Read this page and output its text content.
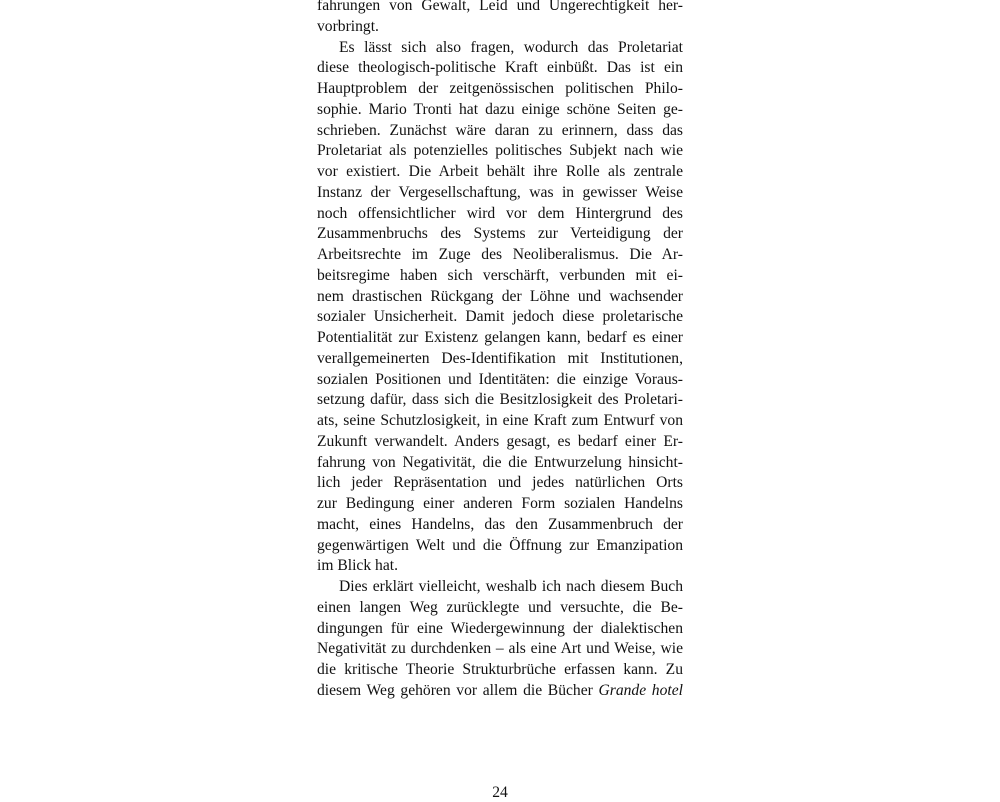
fahrungen von Gewalt, Leid und Ungerechtigkeit her-
vorbringt.
Es lässt sich also fragen, wodurch das Proletariat
diese theologisch-politische Kraft einbüßt. Das ist ein
Hauptproblem der zeitgenössischen politischen Philo-
sophie. Mario Tronti hat dazu einige schöne Seiten ge-
schrieben. Zunächst wäre daran zu erinnern, dass das
Proletariat als potenzielles politisches Subjekt nach wie
vor existiert. Die Arbeit behält ihre Rolle als zentrale
Instanz der Vergesellschaftung, was in gewisser Weise
noch offensichtlicher wird vor dem Hintergrund des
Zusammenbruchs des Systems zur Verteidigung der
Arbeitsrechte im Zuge des Neoliberalismus. Die Ar-
beitsregime haben sich verschärft, verbunden mit ei-
nem drastischen Rückgang der Löhne und wachsender
sozialer Unsicherheit. Damit jedoch diese proletarische
Potentialität zur Existenz gelangen kann, bedarf es einer
verallgemeinerten Des-Identifikation mit Institutionen,
sozialen Positionen und Identitäten: die einzige Voraus-
setzung dafür, dass sich die Besitzlosigkeit des Proletari-
ats, seine Schutzlosigkeit, in eine Kraft zum Entwurf von
Zukunft verwandelt. Anders gesagt, es bedarf einer Er-
fahrung von Negativität, die die Entwurzelung hinsicht-
lich jeder Repräsentation und jedes natürlichen Orts
zur Bedingung einer anderen Form sozialen Handelns
macht, eines Handelns, das den Zusammenbruch der
gegenwärtigen Welt und die Öffnung zur Emanzipation
im Blick hat.
Dies erklärt vielleicht, weshalb ich nach diesem Buch
einen langen Weg zurücklegte und versuchte, die Be-
dingungen für eine Wiedergewinnung der dialektischen
Negativität zu durchdenken – als eine Art und Weise, wie
die kritische Theorie Strukturbrüche erfassen kann. Zu
diesem Weg gehören vor allem die Bücher Grande hotel
24
